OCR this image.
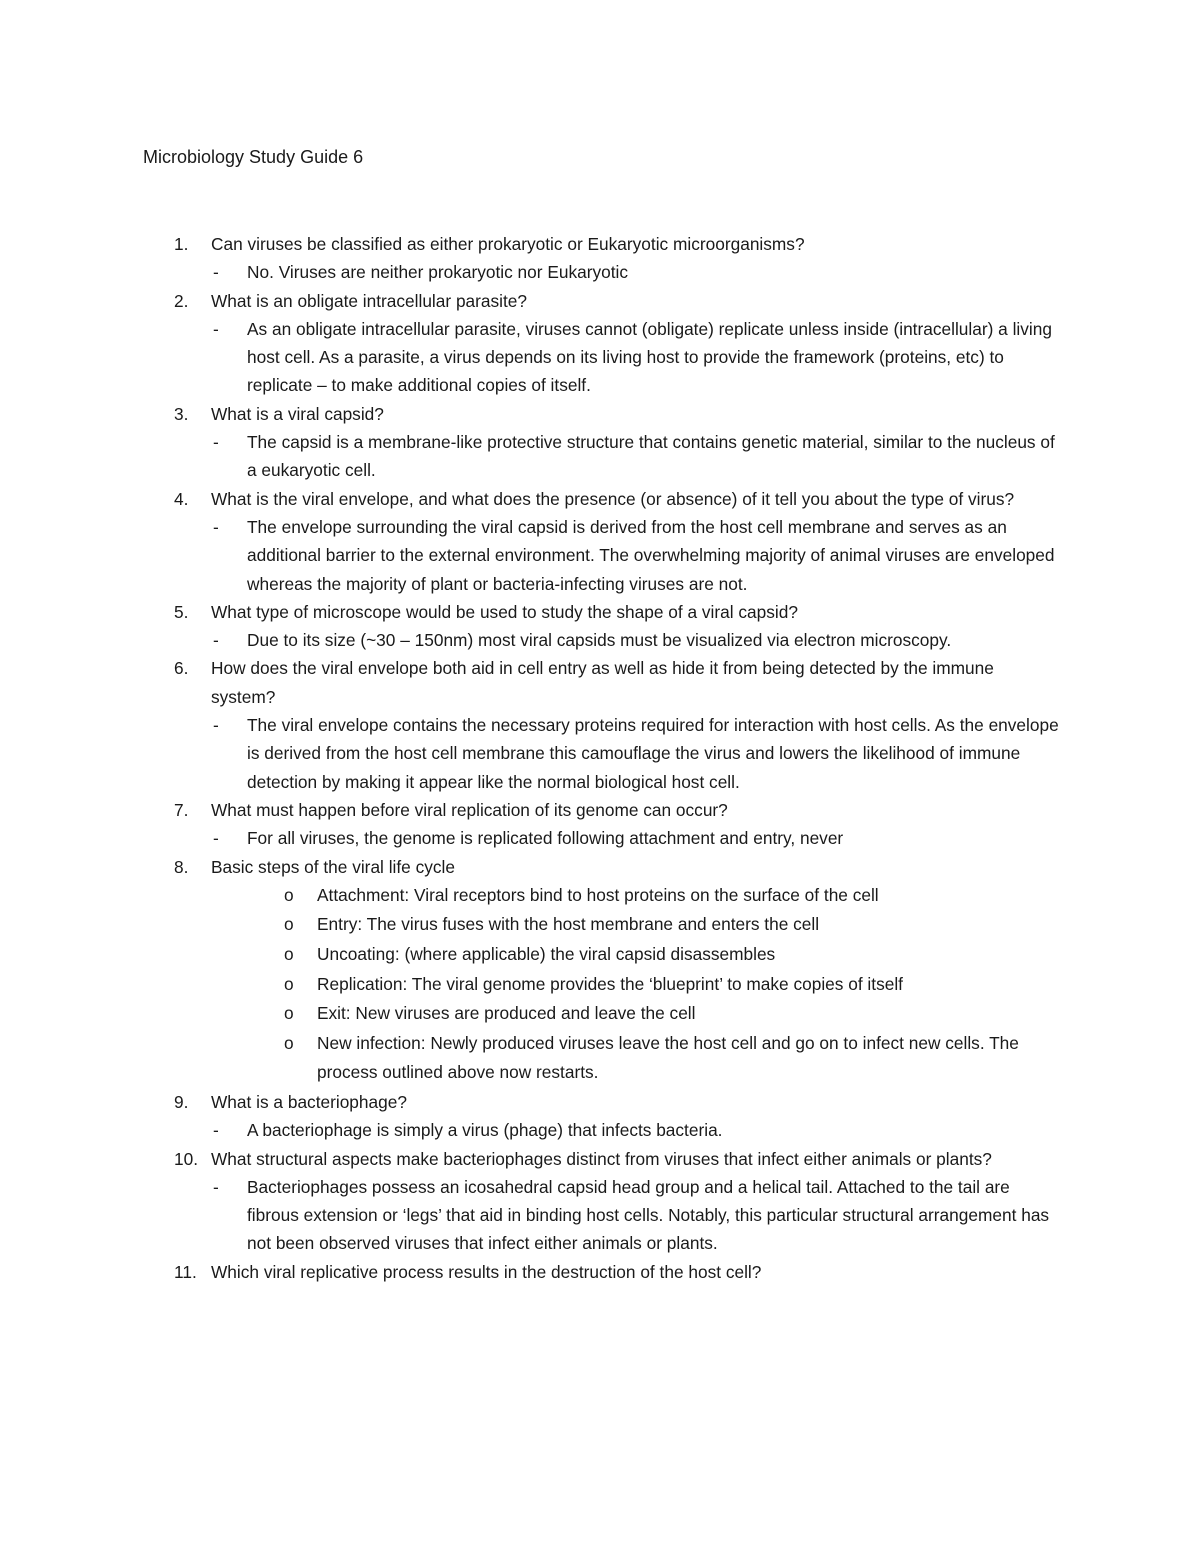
Microbiology Study Guide 6
1. Can viruses be classified as either prokaryotic or Eukaryotic microorganisms?
- No. Viruses are neither prokaryotic nor Eukaryotic
2. What is an obligate intracellular parasite?
- As an obligate intracellular parasite, viruses cannot (obligate) replicate unless inside (intracellular) a living host cell. As a parasite, a virus depends on its living host to provide the framework (proteins, etc) to replicate – to make additional copies of itself.
3. What is a viral capsid?
- The capsid is a membrane-like protective structure that contains genetic material, similar to the nucleus of a eukaryotic cell.
4. What is the viral envelope, and what does the presence (or absence) of it tell you about the type of virus?
- The envelope surrounding the viral capsid is derived from the host cell membrane and serves as an additional barrier to the external environment. The overwhelming majority of animal viruses are enveloped whereas the majority of plant or bacteria-infecting viruses are not.
5. What type of microscope would be used to study the shape of a viral capsid?
- Due to its size (~30 – 150nm) most viral capsids must be visualized via electron microscopy.
6. How does the viral envelope both aid in cell entry as well as hide it from being detected by the immune system?
- The viral envelope contains the necessary proteins required for interaction with host cells. As the envelope is derived from the host cell membrane this camouflage the virus and lowers the likelihood of immune detection by making it appear like the normal biological host cell.
7. What must happen before viral replication of its genome can occur?
- For all viruses, the genome is replicated following attachment and entry, never
8. Basic steps of the viral life cycle
o Attachment: Viral receptors bind to host proteins on the surface of the cell
o Entry: The virus fuses with the host membrane and enters the cell
o Uncoating: (where applicable) the viral capsid disassembles
o Replication: The viral genome provides the ‘blueprint’ to make copies of itself
o Exit: New viruses are produced and leave the cell
o New infection: Newly produced viruses leave the host cell and go on to infect new cells. The process outlined above now restarts.
9. What is a bacteriophage?
- A bacteriophage is simply a virus (phage) that infects bacteria.
10. What structural aspects make bacteriophages distinct from viruses that infect either animals or plants?
- Bacteriophages possess an icosahedral capsid head group and a helical tail. Attached to the tail are fibrous extension or ‘legs’ that aid in binding host cells. Notably, this particular structural arrangement has not been observed viruses that infect either animals or plants.
11. Which viral replicative process results in the destruction of the host cell?
